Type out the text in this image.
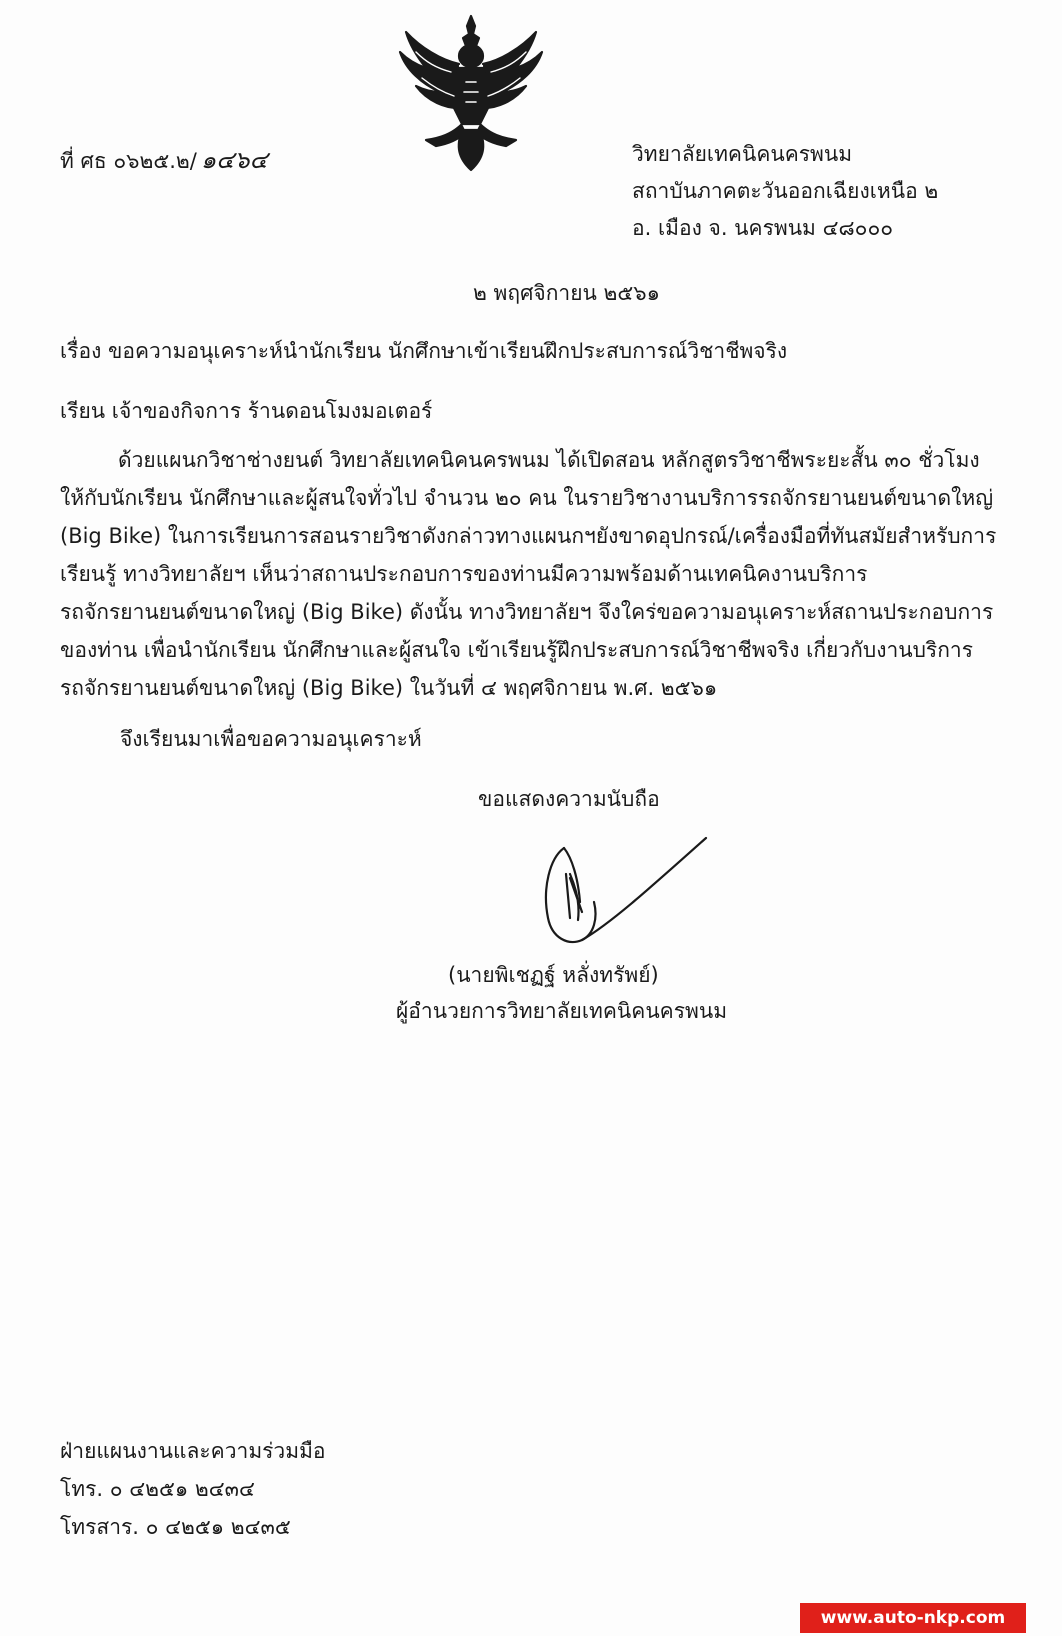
ที่ ศธ ๐๖๒๕.๒/ ๑๔๖๔	วิทยาลัยเทคนิคนครพนม
สถาบันภาคตะวันออกเฉียงเหนือ ๒
อ. เมือง จ. นครพนม ๔๘๐๐๐
๒ พฤศจิกายน ๒๕๖๑
เรื่อง ขอความอนุเคราะห์นำนักเรียน นักศึกษาเข้าเรียนฝึกประสบการณ์วิชาชีพจริง
เรียน เจ้าของกิจการ ร้านดอนโมงมอเตอร์
ด้วยแผนกวิชาช่างยนต์ วิทยาลัยเทคนิคนครพนม ได้เปิดสอน หลักสูตรวิชาชีพระยะสั้น ๓๐ ชั่วโมง
ให้กับนักเรียน นักศึกษาและผู้สนใจทั่วไป จำนวน ๒๐ คน ในรายวิชางานบริการรถจักรยานยนต์ขนาดใหญ่
(Big Bike) ในการเรียนการสอนรายวิชาดังกล่าวทางแผนกฯยังขาดอุปกรณ์/เครื่องมือที่ทันสมัยสำหรับการ
เรียนรู้ ทางวิทยาลัยฯ เห็นว่าสถานประกอบการของท่านมีความพร้อมด้านเทคนิคงานบริการ
รถจักรยานยนต์ขนาดใหญ่ (Big Bike) ดังนั้น ทางวิทยาลัยฯ จึงใคร่ขอความอนุเคราะห์สถานประกอบการ
ของท่าน เพื่อนำนักเรียน นักศึกษาและผู้สนใจ เข้าเรียนรู้ฝึกประสบการณ์วิชาชีพจริง เกี่ยวกับงานบริการ
รถจักรยานยนต์ขนาดใหญ่ (Big Bike) ในวันที่ ๔ พฤศจิกายน พ.ศ. ๒๕๖๑
จึงเรียนมาเพื่อขอความอนุเคราะห์
ขอแสดงความนับถือ
(นายพิเชฏฐ์ หลั่งทรัพย์)
ผู้อำนวยการวิทยาลัยเทคนิคนครพนม
ฝ่ายแผนงานและความร่วมมือ
โทร. ๐ ๔๒๕๑ ๒๔๓๔
โทรสาร. ๐ ๔๒๕๑ ๒๔๓๕
www.auto-nkp.com
